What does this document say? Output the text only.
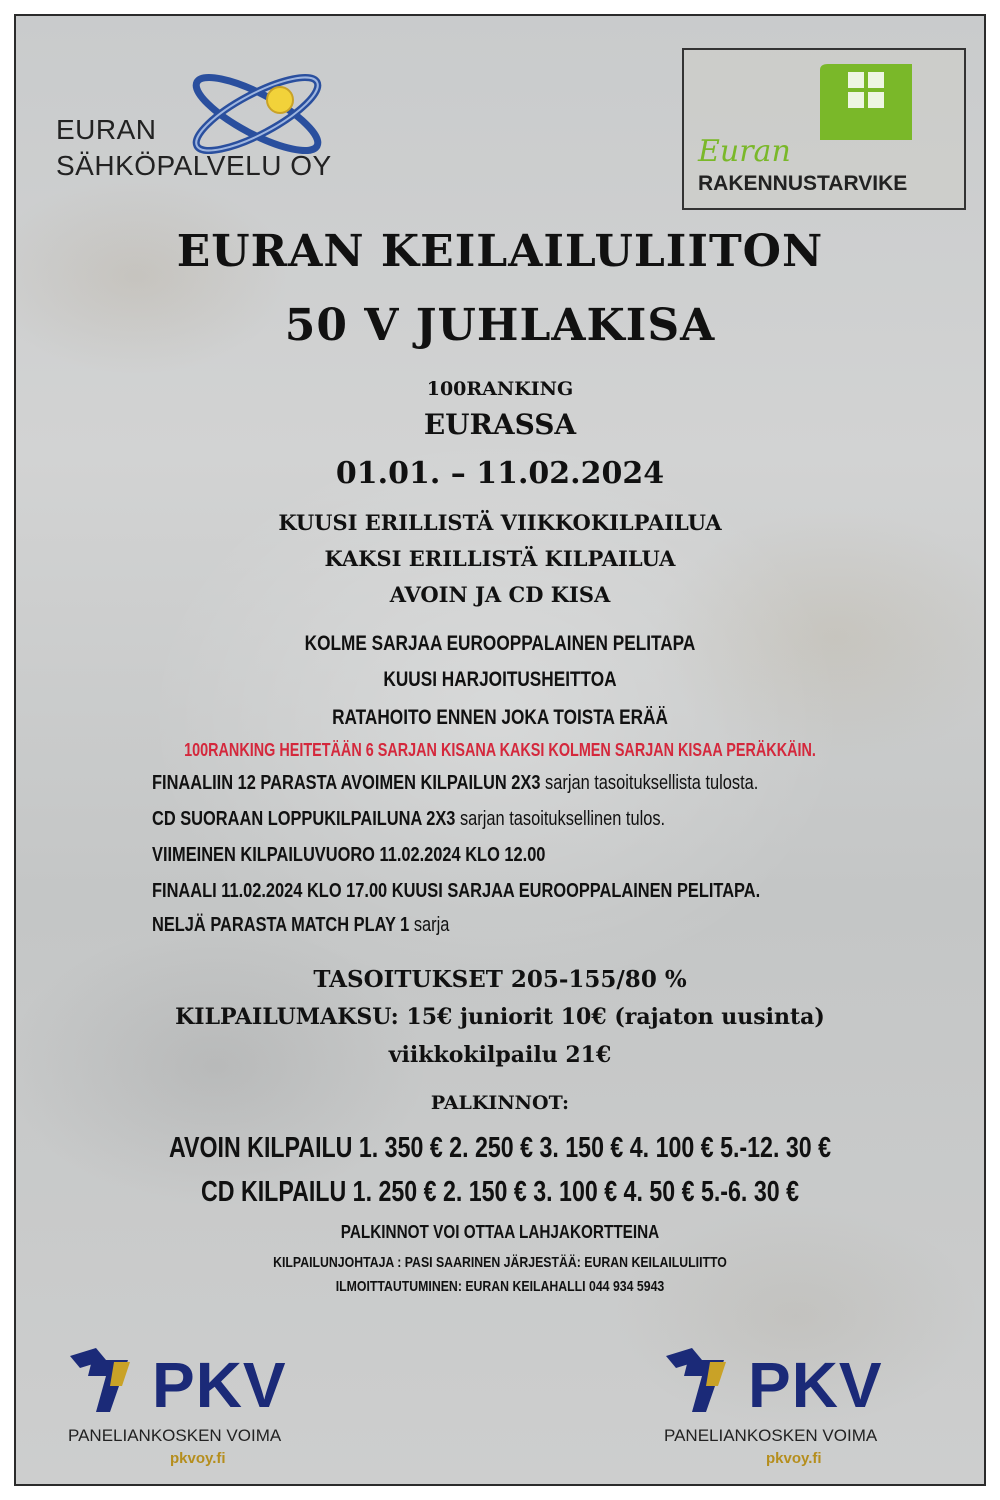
EURAN
SÄHKÖPALVELU OY	Euran
RAKENNUSTARVIKE
EURAN KEILAILULIITON
50 V JUHLAKISA
100RANKING
EURASSA
01.01. – 11.02.2024
KUUSI ERILLISTÄ VIIKKOKILPAILUA
KAKSI ERILLISTÄ KILPAILUA
AVOIN JA CD KISA
KOLME SARJAA EUROOPPALAINEN PELITAPA
KUUSI HARJOITUSHEITTOA
RATAHOITO ENNEN JOKA TOISTA ERÄÄ
100RANKING HEITETÄÄN 6 SARJAN KISANA KAKSI KOLMEN SARJAN KISAA PERÄKKÄIN.
FINAALIIN 12 PARASTA AVOIMEN KILPAILUN 2X3 sarjan tasoituksellista tulosta.
CD SUORAAN LOPPUKILPAILUNA 2X3 sarjan tasoituksellinen tulos.
VIIMEINEN KILPAILUVUORO 11.02.2024 KLO 12.00
FINAALI 11.02.2024 KLO 17.00 KUUSI SARJAA EUROOPPALAINEN PELITAPA.
NELJÄ PARASTA MATCH PLAY 1 sarja
TASOITUKSET 205-155/80 %
KILPAILUMAKSU: 15€ juniorit 10€ (rajaton uusinta)
viikkokilpailu 21€
PALKINNOT:
AVOIN KILPAILU 1. 350 € 2. 250 € 3. 150 € 4. 100 € 5.-12. 30 €
CD KILPAILU 1. 250 € 2. 150 € 3. 100 € 4. 50 € 5.-6. 30 €
PALKINNOT VOI OTTAA LAHJAKORTTEINA
KILPAILUNJOHTAJA : PASI SAARINEN JÄRJESTÄÄ: EURAN KEILAILULIITTO
ILMOITTAUTUMINEN: EURAN KEILAHALLI 044 934 5943
PKV
PANELIANKOSKEN VOIMA
pkvoy.fi
PKV
PANELIANKOSKEN VOIMA
pkvoy.fi
